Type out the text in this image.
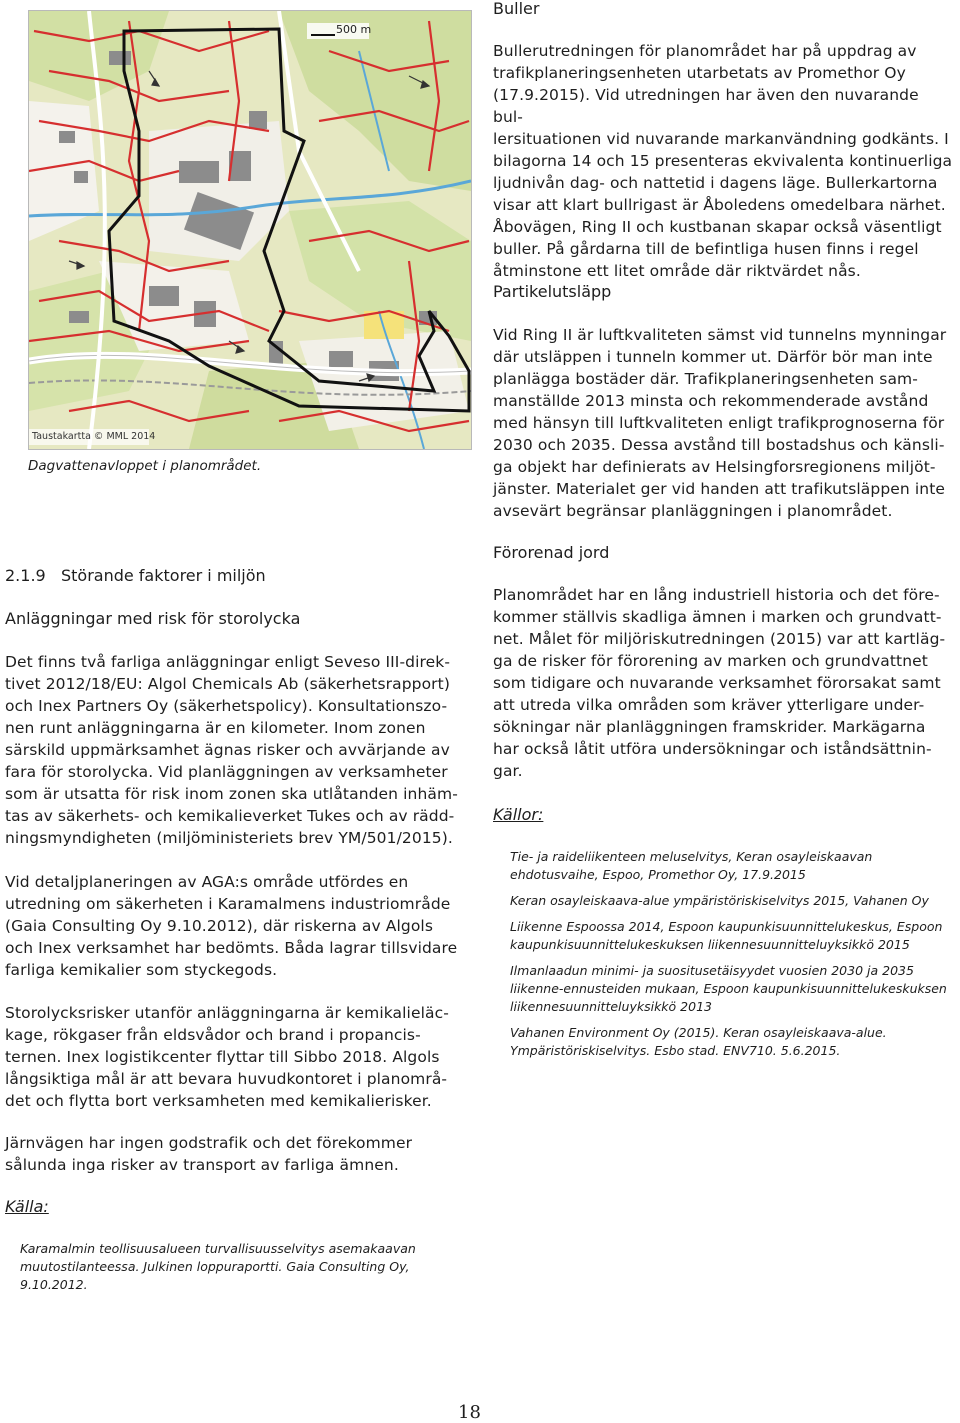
500 m
Taustakartta © MML 2014
Dagvattenavloppet i planområdet.
Buller
Bullerutredningen för planområdet har på uppdrag av
trafikplaneringsenheten utarbetats av Promethor Oy
(17.9.2015). Vid utredningen har även den nuvarande bul-
lersituationen vid nuvarande markanvändning godkänts. I
bilagorna 14 och 15 presenteras ekvivalenta kontinuerliga
ljudnivån dag- och nattetid i dagens läge. Bullerkartorna
visar att klart bullrigast är Åboledens omedelbara närhet.
Åbovägen, Ring II och kustbanan skapar också väsentligt
buller. På gårdarna till de befintliga husen finns i regel
åtminstone ett litet område där riktvärdet nås.
Partikelutsläpp
Vid Ring II är luftkvaliteten sämst vid tunnelns mynningar
där utsläppen i tunneln kommer ut. Därför bör man inte
planlägga bostäder där. Trafikplaneringsenheten sam-
manställde 2013 minsta och rekommenderade avstånd
med hänsyn till luftkvaliteten enligt trafikprognoserna för
2030 och 2035. Dessa avstånd till bostadshus och känsli-
ga objekt har definierats av Helsingforsregionens miljöt-
jänster. Materialet ger vid handen att trafikutsläppen inte
avsevärt begränsar planläggningen i planområdet.
Förorenad jord
Planområdet har en lång industriell historia och det före-
kommer ställvis skadliga ämnen i marken och grundvatt-
net. Målet för miljöriskutredningen (2015) var att kartläg-
ga de risker för förorening av marken och grundvattnet
som tidigare och nuvarande verksamhet förorsakat samt
att utreda vilka områden som kräver ytterligare under-
sökningar när planläggningen framskrider. Markägarna
har också låtit utföra undersökningar och iståndsättnin-
gar.
Källor:

Tie- ja raideliikenteen meluselvitys, Keran osayleiskaavan
ehdotusvaihe, Espoo, Promethor Oy, 17.9.2015

Keran osayleiskaava-alue ympäristöriskiselvitys 2015, Vahanen Oy

Liikenne Espoossa 2014, Espoon kaupunkisuunnittelukeskus, Espoon
kaupunkisuunnittelukeskuksen liikennesuunnitteluyksikkö 2015

Ilmanlaadun minimi- ja suositusetäisyydet vuosien 2030 ja 2035
liikenne-ennusteiden mukaan, Espoon kaupunkisuunnittelukeskuksen
liikennesuunnitteluyksikkö 2013

Vahanen Environment Oy (2015). Keran osayleiskaava-alue.
Ympäristöriskiselvitys. Esbo stad. ENV710. 5.6.2015.

2.1.9   Störande faktorer i miljön
Anläggningar med risk för storolycka
Det finns två farliga anläggningar enligt Seveso III-direk-
tivet 2012/18/EU: Algol Chemicals Ab (säkerhetsrapport)
och Inex Partners Oy (säkerhetspolicy). Konsultationszo-
nen runt anläggningarna är en kilometer. Inom zonen
särskild uppmärksamhet ägnas risker och avvärjande av
fara för storolycka. Vid planläggningen av verksamheter
som är utsatta för risk inom zonen ska utlåtanden inhäm-
tas av säkerhets- och kemikalieverket Tukes och av rädd-
ningsmyndigheten (miljöministeriets brev YM/501/2015).
Vid detaljplaneringen av AGA:s område utfördes en
utredning om säkerheten i Karamalmens industriområde
(Gaia Consulting Oy 9.10.2012), där riskerna av Algols
och Inex verksamhet har bedömts. Båda lagrar tillsvidare
farliga kemikalier som styckegods.
Storolycksrisker utanför anläggningarna är kemikalieläc-
kage, rökgaser från eldsvådor och brand i propancis-
ternen. Inex logistikcenter flyttar till Sibbo 2018. Algols
långsiktiga mål är att bevara huvudkontoret i planområ-
det och flytta bort verksamheten med kemikalierisker.
Järnvägen har ingen godstrafik och det förekommer
sålunda inga risker av transport av farliga ämnen.
Källa:
Karamalmin teollisuusalueen turvallisuusselvitys asemakaavan
muutostilanteessa. Julkinen loppuraportti. Gaia Consulting Oy,
9.10.2012.
18
